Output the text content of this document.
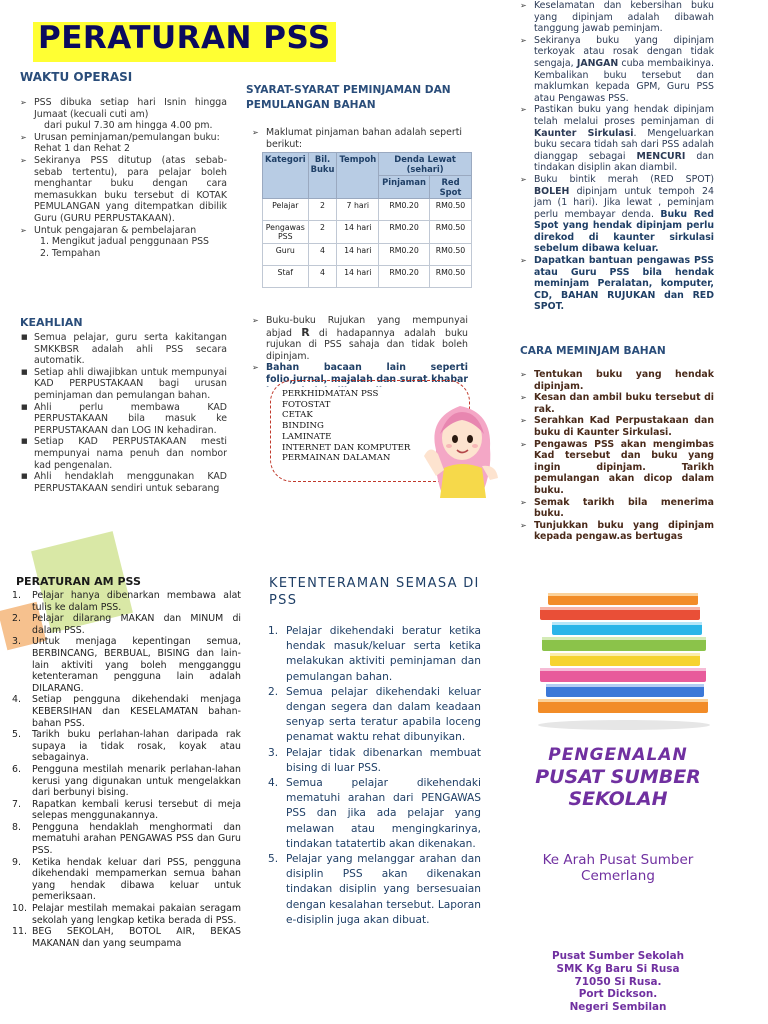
PERATURAN PSS
WAKTU OPERASI
➢ PSS dibuka setiap hari Isnin hingga Jumaat (kecuali cuti am)
dari pukul 7.30 am hingga 4.00 pm.
➢ Urusan peminjaman/pemulangan buku:
Rehat 1 dan Rehat 2
➢ Sekiranya PSS ditutup (atas sebab-sebab tertentu), para pelajar boleh menghantar buku dengan cara memasukkan buku tersebut di KOTAK PEMULANGAN yang ditempatkan dibilik Guru (GURU PERPUSTAKAAN).
➢ Untuk pengajaran & pembelajaran
1. Mengikut jadual penggunaan PSS
2. Tempahan
KEAHLIAN
■ Semua pelajar, guru serta kakitangan SMKKBSR adalah ahli PSS secara automatik.
■ Setiap ahli diwajibkan untuk mempunyai KAD PERPUSTAKAAN bagi urusan peminjaman dan pemulangan bahan.
■ Ahli perlu membawa KAD PERPUSTAKAAN bila masuk ke PERPUSTAKAAN dan LOG IN kehadiran.
■ Setiap KAD PERPUSTAKAAN mesti mempunyai nama penuh dan nombor kad pengenalan.
■ Ahli hendaklah menggunakan KAD PERPUSTAKAAN sendiri untuk sebarang
SYARAT-SYARAT PEMINJAMAN DAN PEMULANGAN BAHAN
➢ Maklumat pinjaman bahan adalah seperti berikut:
Kategori	Bil. Buku	Tempoh	Denda Lewat (sehari)	
			Pinjaman	Red Spot
Pelajar	2	7 hari	RM0.20	RM0.50
Pengawas PSS	2	14 hari	RM0.20	RM0.50
Guru	4	14 hari	RM0.20	RM0.50
Staf	4	14 hari	RM0.20	RM0.50
➢ Buku-buku Rujukan yang mempunyai abjad R di hadapannya adalah buku rujukan di PSS sahaja dan tidak boleh dipinjam.
➢ Bahan bacaan lain seperti folio,jurnal, majalah dan surat khabar
PERKHIDMATAN PSS
FOTOSTAT
CETAK
BINDING
LAMINATE
INTERNET DAN KOMPUTER
PERMAINAN DALAMAN
➢ Keselamatan dan kebersihan buku yang dipinjam adalah dibawah tanggung jawab peminjam.
➢ Sekiranya buku yang dipinjam terkoyak atau rosak dengan tidak sengaja, JANGAN cuba membaikinya. Kembalikan buku tersebut dan maklumkan kepada GPM, Guru PSS atau Pengawas PSS.
➢ Pastikan buku yang hendak dipinjam telah melalui proses peminjaman di Kaunter Sirkulasi. Mengeluarkan buku secara tidah sah dari PSS adalah dianggap sebagai MENCURI dan tindakan disiplin akan diambil.
➢ Buku bintik merah (RED SPOT) BOLEH dipinjam untuk tempoh 24 jam (1 hari). Jika lewat , peminjam perlu membayar denda. Buku Red Spot yang hendak dipinjam perlu direkod di kaunter sirkulasi sebelum dibawa keluar.
➢ Dapatkan bantuan pengawas PSS atau Guru PSS bila hendak meminjam Peralatan, komputer, CD, BAHAN RUJUKAN dan RED SPOT.
CARA MEMINJAM BAHAN
➢ Tentukan buku yang hendak dipinjam.
➢ Kesan dan ambil buku tersebut di rak.
➢ Serahkan Kad Perpustakaan dan buku di Kaunter Sirkulasi.
➢ Pengawas PSS akan mengimbas Kad tersebut dan buku yang ingin dipinjam. Tarikh pemulangan akan dicop dalam buku.
➢ Semak tarikh bila menerima buku.
➢ Tunjukkan buku yang dipinjam kepada pengaw.as bertugas
PERATURAN AM PSS
Pelajar hanya dibenarkan membawa alat tulis ke dalam PSS.
Pelajar dilarang MAKAN dan MINUM di dalam PSS.
Untuk menjaga kepentingan semua, BERBINCANG, BERBUAL, BISING dan lain-lain aktiviti yang boleh mengganggu ketenteraman pengguna lain adalah DILARANG.
Setiap pengguna dikehendaki menjaga KEBERSIHAN dan KESELAMATAN bahan-bahan PSS.
Tarikh buku perlahan-lahan daripada rak supaya ia tidak rosak, koyak atau sebagainya.
Pengguna mestilah menarik perlahan-lahan kerusi yang digunakan untuk mengelakkan dari berbunyi bising.
Rapatkan kembali kerusi tersebut di meja selepas menggunakannya.
Pengguna hendaklah menghormati dan mematuhi arahan PENGAWAS PSS dan Guru PSS.
Ketika hendak keluar dari PSS, pengguna dikehendaki mempamerkan semua bahan yang hendak dibawa keluar untuk pemeriksaan.
Pelajar mestilah memakai pakaian seragam sekolah yang lengkap ketika berada di PSS.
BEG SEKOLAH, BOTOL AIR, BEKAS MAKANAN dan yang seumpama
KETENTERAMAN SEMASA DI PSS
Pelajar dikehendaki beratur ketika hendak masuk/keluar serta ketika melakukan aktiviti peminjaman dan pemulangan bahan.
Semua pelajar dikehendaki keluar dengan segera dan dalam keadaan senyap serta teratur apabila loceng penamat waktu rehat dibunyikan.
Pelajar tidak dibenarkan membuat bising di luar PSS.
Semua pelajar dikehendaki mematuhi arahan dari PENGAWAS PSS dan jika ada pelajar yang melawan atau mengingkarinya, tindakan tatatertib akan dikenakan.
Pelajar yang melanggar arahan dan disiplin PSS akan dikenakan tindakan disiplin yang bersesuaian dengan kesalahan tersebut. Laporan e-disiplin juga akan dibuat.
PENGENALAN
PUSAT SUMBER
SEKOLAH
Ke Arah Pusat Sumber
Cemerlang
Pusat Sumber Sekolah
SMK Kg Baru Si Rusa
71050 Si Rusa.
Port Dickson.
Negeri Sembilan
